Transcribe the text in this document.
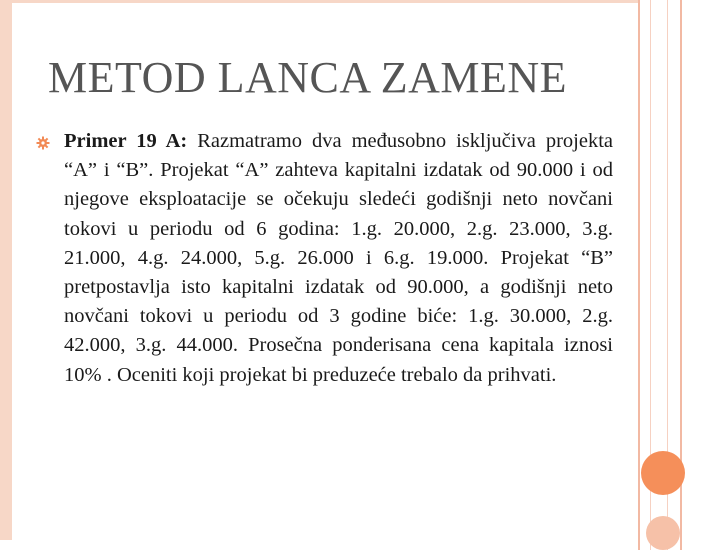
METOD LANCA ZAMENE
Primer 19 A: Razmatramo dva međusobno isključiva projekta “A” i “B”. Projekat “A” zahteva kapitalni izdatak od 90.000 i od njegove eksploatacije se očekuju sledeći godišnji neto novčani tokovi u periodu od 6 godina: 1.g. 20.000, 2.g. 23.000, 3.g. 21.000, 4.g. 24.000, 5.g. 26.000 i 6.g. 19.000. Projekat “B” pretpostavlja isto kapitalni izdatak od 90.000, a godišnji neto novčani tokovi u periodu od 3 godine biće: 1.g. 30.000, 2.g. 42.000, 3.g. 44.000. Prosečna ponderisana cena kapitala iznosi 10% . Oceniti koji projekat bi preduzeće trebalo da prihvati.
